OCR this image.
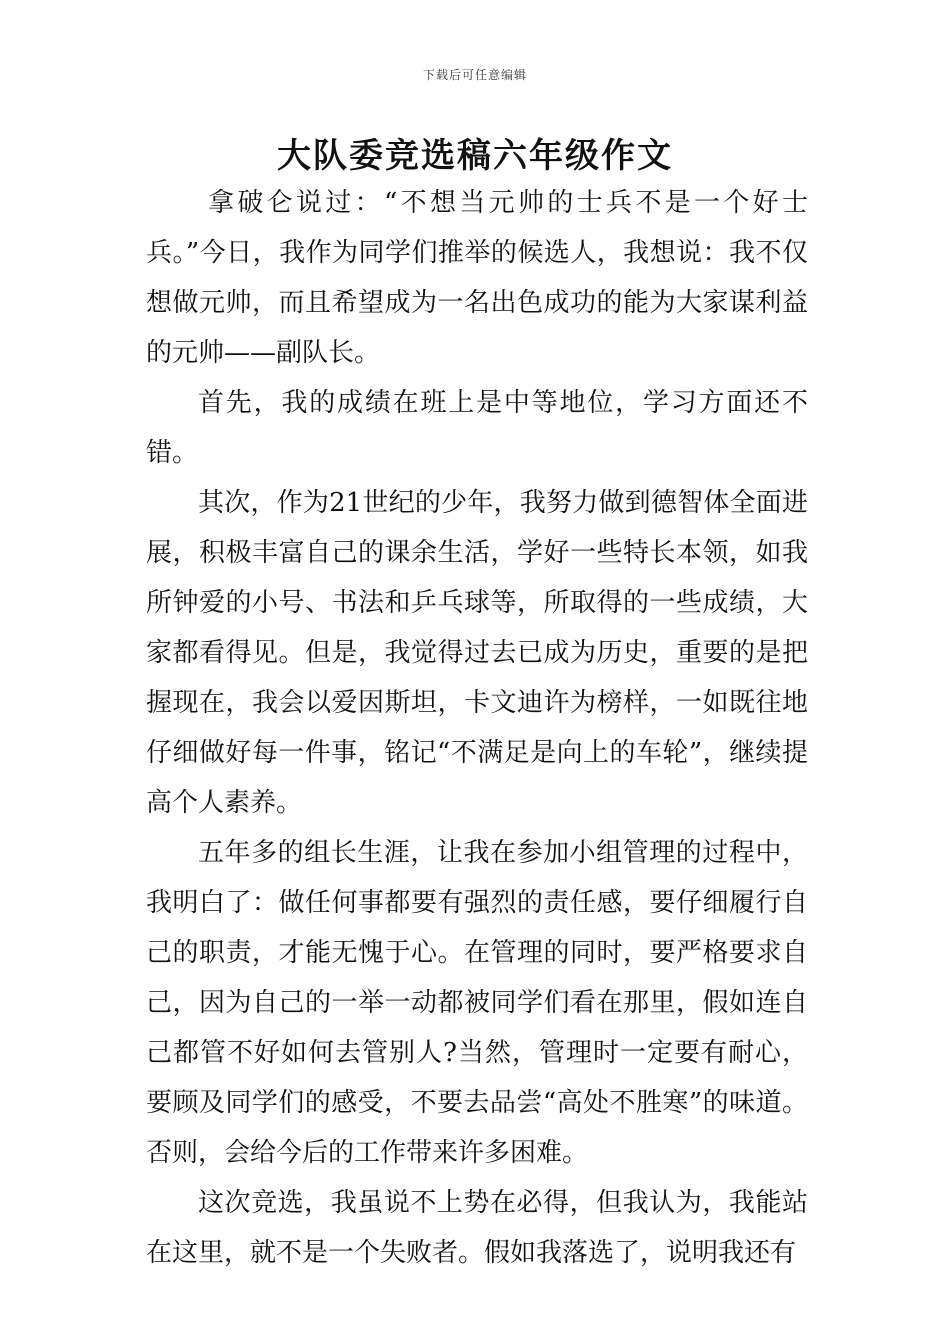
下载后可任意编辑
大队委竞选稿六年级作文

拿破仑说过：“不想当元帅的士兵不是一个好士兵。”今日，我作为同学们推举的候选人，我想说：我不仅想做元帅，而且希望成为一名出色成功的能为大家谋利益的元帅——副队长。

首先，我的成绩在班上是中等地位，学习方面还不错。

其次，作为21世纪的少年，我努力做到德智体全面进展，积极丰富自己的课余生活，学好一些特长本领，如我所钟爱的小号、书法和乒乓球等，所取得的一些成绩，大家都看得见。但是，我觉得过去已成为历史，重要的是把握现在，我会以爱因斯坦，卡文迪许为榜样，一如既往地仔细做好每一件事，铭记“不满足是向上的车轮”，继续提高个人素养。

五年多的组长生涯，让我在参加小组管理的过程中，我明白了：做任何事都要有强烈的责任感，要仔细履行自己的职责，才能无愧于心。在管理的同时，要严格要求自己，因为自己的一举一动都被同学们看在那里，假如连自己都管不好如何去管别人?当然，管理时一定要有耐心，要顾及同学们的感受，不要去品尝“高处不胜寒”的味道。否则，会给今后的工作带来许多困难。

这次竞选，我虽说不上势在必得，但我认为，我能站在这里，就不是一个失败者。假如我落选了，说明我还有
